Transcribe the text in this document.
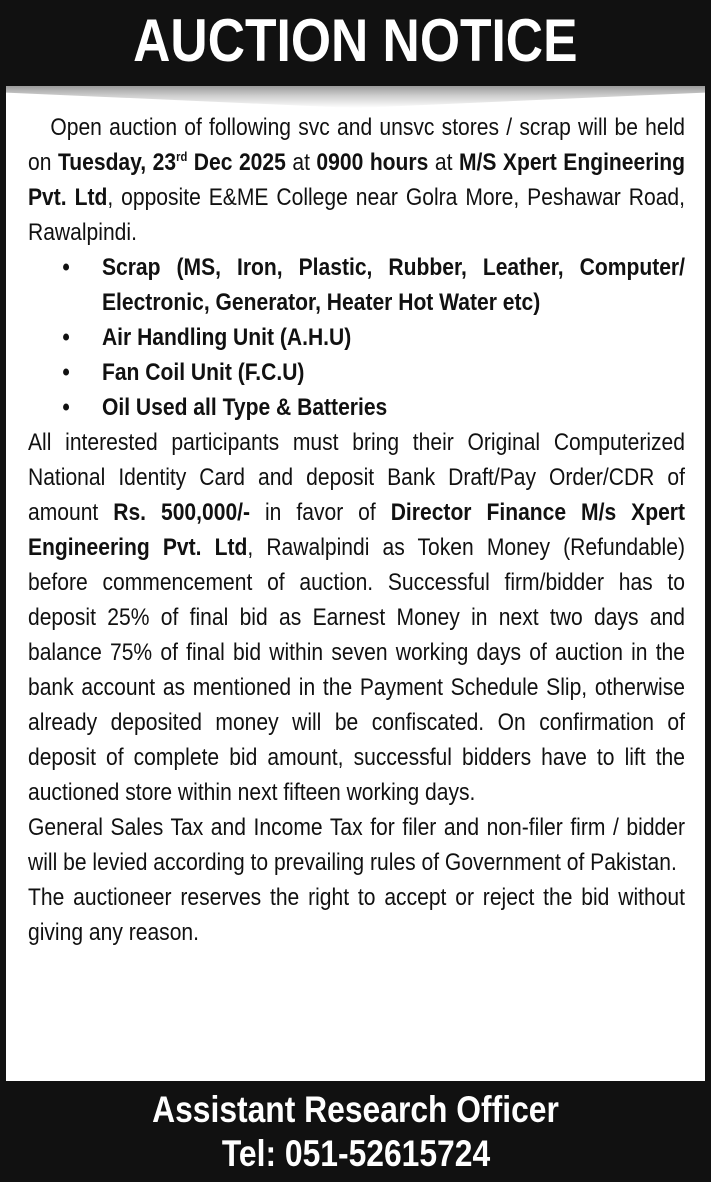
AUCTION NOTICE

Open auction of following svc and unsvc stores / scrap will be held on Tuesday, 23rd Dec 2025 at 0900 hours at M/S Xpert Engineering Pvt. Ltd, opposite E&ME College near Golra More, Peshawar Road, Rawalpindi.

• Scrap (MS, Iron, Plastic, Rubber, Leather, Computer/ Electronic, Generator, Heater Hot Water etc)
• Air Handling Unit (A.H.U)
• Fan Coil Unit (F.C.U)
• Oil Used all Type & Batteries

All interested participants must bring their Original Computerized National Identity Card and deposit Bank Draft/Pay Order/CDR of amount Rs. 500,000/- in favor of Director Finance M/s Xpert Engineering Pvt. Ltd, Rawalpindi as Token Money (Refundable) before commencement of auction. Successful firm/bidder has to deposit 25% of final bid as Earnest Money in next two days and balance 75% of final bid within seven working days of auction in the bank account as mentioned in the Payment Schedule Slip, otherwise already deposited money will be confiscated. On confirmation of deposit of complete bid amount, successful bidders have to lift the auctioned store within next fifteen working days.

General Sales Tax and Income Tax for filer and non-filer firm / bidder will be levied according to prevailing rules of Government of Pakistan.

The auctioneer reserves the right to accept or reject the bid without giving any reason.

Assistant Research Officer
Tel: 051-52615724
